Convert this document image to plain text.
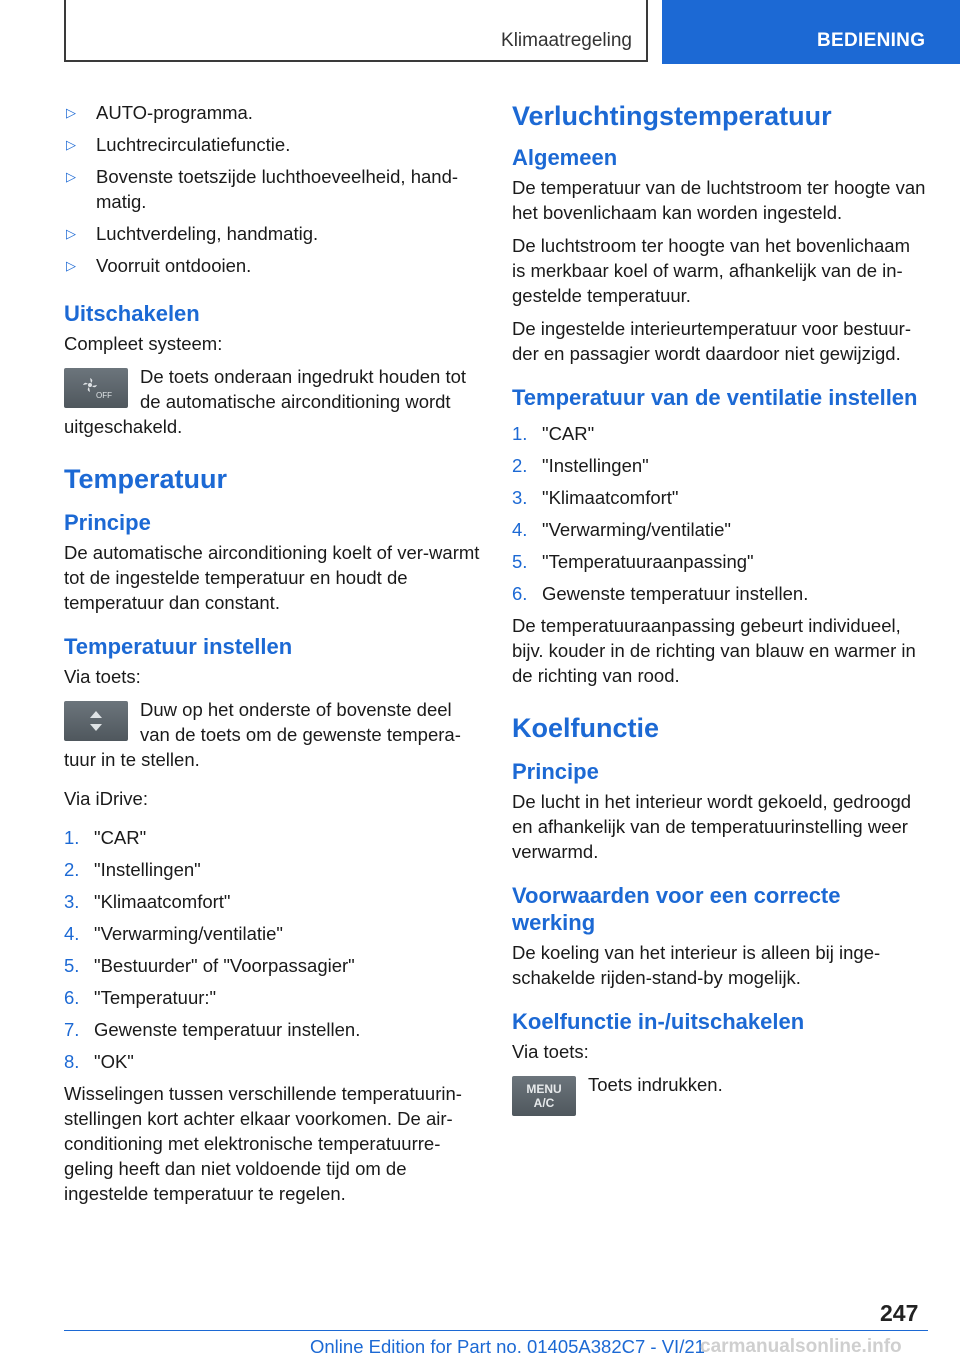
Klimaatregeling	BEDIENING
▷	AUTO-programma.
▷	Luchtrecirculatiefunctie.
▷	Bovenste toetszijde luchthoeveelheid, hand-matig.
▷	Luchtverdeling, handmatig.
▷	Voorruit ontdooien.
Uitschakelen

Compleet systeem:

OFF
De toets onderaan ingedrukt houden tot de automatische airconditioning wordt uitgeschakeld.
Temperatuur
Principe

De automatische airconditioning koelt of ver-warmt tot de ingestelde temperatuur en houdt de temperatuur dan constant.

Temperatuur instellen

Via toets:

Duw op het onderste of bovenste deel van de toets om de gewenste tempera-tuur in te stellen.

Via iDrive:

1. "CAR"
2. "Instellingen"
3. "Klimaatcomfort"
4. "Verwarming/ventilatie"
5. "Bestuurder" of "Voorpassagier"
6. "Temperatuur:"
7. Gewenste temperatuur instellen.
8. "OK"

Wisselingen tussen verschillende temperatuurin-stellingen kort achter elkaar voorkomen. De air-conditioning met elektronische temperatuurre-geling heeft dan niet voldoende tijd om de ingestelde temperatuur te regelen.

Verluchtingstemperatuur
Algemeen

De temperatuur van de luchtstroom ter hoogte van het bovenlichaam kan worden ingesteld.

De luchtstroom ter hoogte van het bovenlichaam is merkbaar koel of warm, afhankelijk van de in-gestelde temperatuur.

De ingestelde interieurtemperatuur voor bestuur-der en passagier wordt daardoor niet gewijzigd.

Temperatuur van de ventilatie instellen
1. "CAR"
2. "Instellingen"
3. "Klimaatcomfort"
4. "Verwarming/ventilatie"
5. "Temperatuuraanpassing"
6. Gewenste temperatuur instellen.

De temperatuuraanpassing gebeurt individueel, bijv. kouder in de richting van blauw en warmer in de richting van rood.

Koelfunctie
Principe

De lucht in het interieur wordt gekoeld, gedroogd en afhankelijk van de temperatuurinstelling weer verwarmd.

Voorwaarden voor een correcte werking

De koeling van het interieur is alleen bij inge-schakelde rijden-stand-by mogelijk.

Koelfunctie in-/uitschakelen

Via toets:

MENU
A/C
Toets indrukken.
247
Online Edition for Part no. 01405A382C7 - VI/21
carmanualsonline.info
